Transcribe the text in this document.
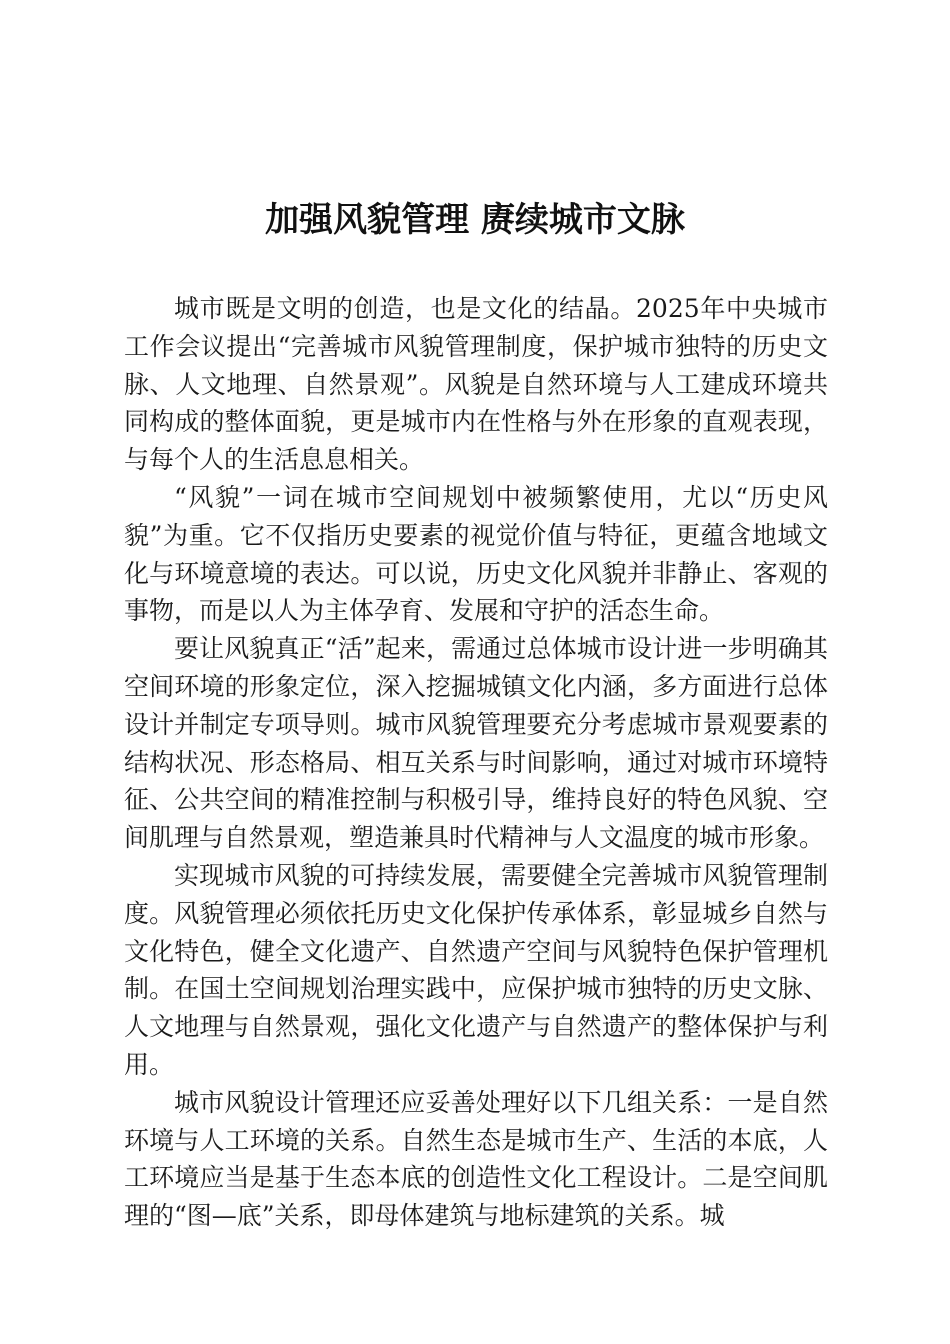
加强风貌管理 赓续城市文脉

城市既是文明的创造，也是文化的结晶。2025年中央城市工作会议提出“完善城市风貌管理制度，保护城市独特的历史文脉、人文地理、自然景观”。风貌是自然环境与人工建成环境共同构成的整体面貌，更是城市内在性格与外在形象的直观表现，与每个人的生活息息相关。

“风貌”一词在城市空间规划中被频繁使用，尤以“历史风貌”为重。它不仅指历史要素的视觉价值与特征，更蕴含地域文化与环境意境的表达。可以说，历史文化风貌并非静止、客观的事物，而是以人为主体孕育、发展和守护的活态生命。

要让风貌真正“活”起来，需通过总体城市设计进一步明确其空间环境的形象定位，深入挖掘城镇文化内涵，多方面进行总体设计并制定专项导则。城市风貌管理要充分考虑城市景观要素的结构状况、形态格局、相互关系与时间影响，通过对城市环境特征、公共空间的精准控制与积极引导，维持良好的特色风貌、空间肌理与自然景观，塑造兼具时代精神与人文温度的城市形象。

实现城市风貌的可持续发展，需要健全完善城市风貌管理制度。风貌管理必须依托历史文化保护传承体系，彰显城乡自然与文化特色，健全文化遗产、自然遗产空间与风貌特色保护管理机制。在国土空间规划治理实践中，应保护城市独特的历史文脉、人文地理与自然景观，强化文化遗产与自然遗产的整体保护与利用。

城市风貌设计管理还应妥善处理好以下几组关系：一是自然环境与人工环境的关系。自然生态是城市生产、生活的本底，人工环境应当是基于生态本底的创造性文化工程设计。二是空间肌理的“图—底”关系，即母体建筑与地标建筑的关系。城
